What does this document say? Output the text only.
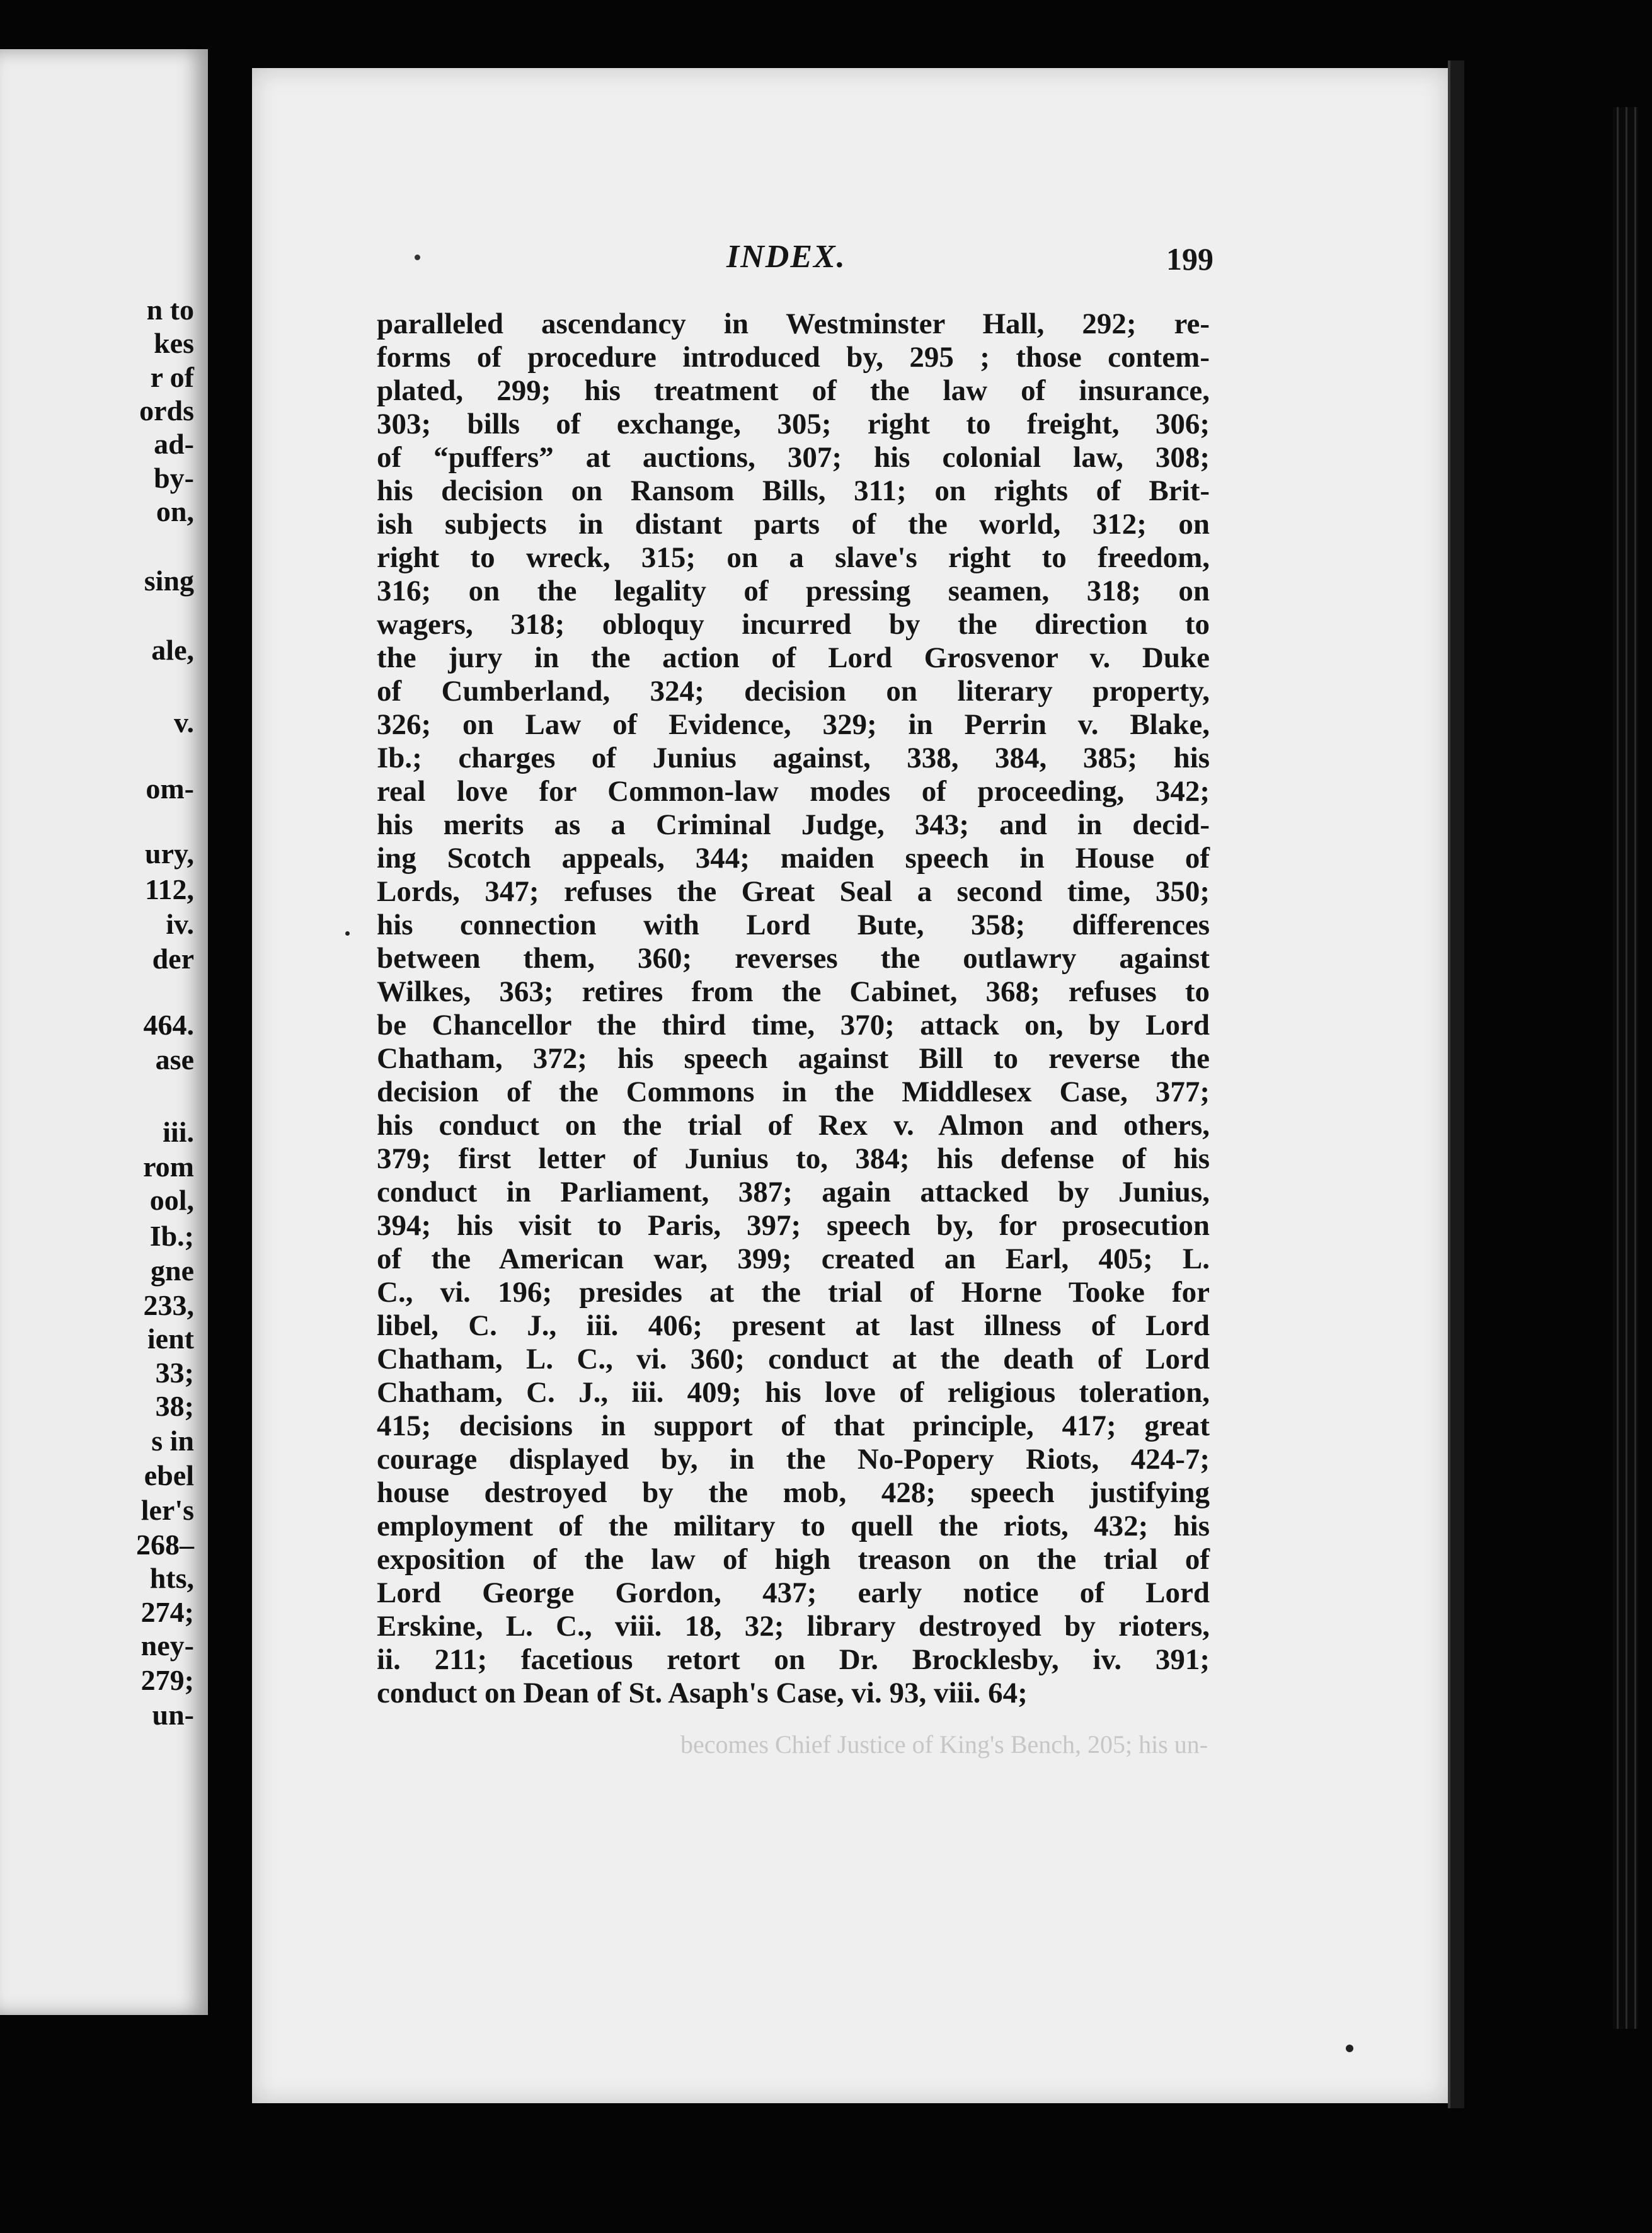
n to
kes
r of
ords
ad-
by-
on,
sing
ale,
v.
om-
ury,
112,
iv.
der
464.
ase
iii.
rom
ool,
Ib.;
gne
233,
ient
33;
38;
s in
ebel
ler's
268–
hts,
274;
ney-
279;
un-
INDEX.	199
paralleled ascendancy in Westminster Hall, 292; re-
forms of procedure introduced by, 295 ; those contem-
plated, 299; his treatment of the law of insurance,
303; bills of exchange, 305; right to freight, 306;
of “puffers” at auctions, 307; his colonial law, 308;
his decision on Ransom Bills, 311; on rights of Brit-
ish subjects in distant parts of the world, 312; on
right to wreck, 315; on a slave's right to freedom,
316; on the legality of pressing seamen, 318; on
wagers, 318; obloquy incurred by the direction to
the jury in the action of Lord Grosvenor v. Duke
of Cumberland, 324; decision on literary property,
326; on Law of Evidence, 329; in Perrin v. Blake,
Ib.; charges of Junius against, 338, 384, 385; his
real love for Common-law modes of proceeding, 342;
his merits as a Criminal Judge, 343; and in decid-
ing Scotch appeals, 344; maiden speech in House of
Lords, 347; refuses the Great Seal a second time, 350;
his connection with Lord Bute, 358; differences
between them, 360; reverses the outlawry against
Wilkes, 363; retires from the Cabinet, 368; refuses to
be Chancellor the third time, 370; attack on, by Lord
Chatham, 372; his speech against Bill to reverse the
decision of the Commons in the Middlesex Case, 377;
his conduct on the trial of Rex v. Almon and others,
379; first letter of Junius to, 384; his defense of his
conduct in Parliament, 387; again attacked by Junius,
394; his visit to Paris, 397; speech by, for prosecution
of the American war, 399; created an Earl, 405; L.
C., vi. 196; presides at the trial of Horne Tooke for
libel, C. J., iii. 406; present at last illness of Lord
Chatham, L. C., vi. 360; conduct at the death of Lord
Chatham, C. J., iii. 409; his love of religious toleration,
415; decisions in support of that principle, 417; great
courage displayed by, in the No-Popery Riots, 424-7;
house destroyed by the mob, 428; speech justifying
employment of the military to quell the riots, 432; his
exposition of the law of high treason on the trial of
Lord George Gordon, 437; early notice of Lord
Erskine, L. C., viii. 18, 32; library destroyed by rioters,
ii. 211; facetious retort on Dr. Brocklesby, iv. 391;
conduct on Dean of St. Asaph's Case, vi. 93, viii. 64;
becomes Chief Justice of King's Bench, 205; his un-
